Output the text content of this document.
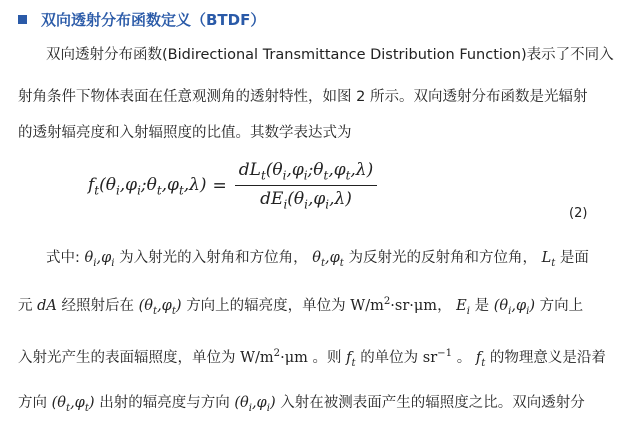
双向透射分布函数定义（BTDF）
双向透射分布函数(Bidirectional Transmittance Distribution Function)表示了不同入
射角条件下物体表面在任意观测角的透射特性，如图 2 所示。双向透射分布函数是光辐射
的透射辐亮度和入射辐照度的比值。其数学表达式为
$f_t(\theta_i,\varphi_i;\theta_t,\varphi_t,\lambda) = \frac{dL_t(\theta_i,\varphi_i;\theta_t,\varphi_t,\lambda)}{dE_i(\theta_i,\varphi_i,\lambda)}$
(2)
式中: $\theta_i,\varphi_i$ 为入射光的入射角和方位角， $\theta_t,\varphi_t$ 为反射光的反射角和方位角， $L_t$ 是面
元 dA 经照射后在 $(\theta_t,\varphi_t)$ 方向上的辐亮度，单位为 $W/m^2\cdot sr\cdot\mu m$， $E_i$ 是 $(\theta_i,\varphi_i)$ 方向上
入射光产生的表面辐照度，单位为 $W/m^2\cdot\mu m$ 。则 $f_t$ 的单位为 $sr^{-1}$ 。 $f_t$ 的物理意义是沿着
方向 $(\theta_t,\varphi_t)$ 出射的辐亮度与方向 $(\theta_i,\varphi_i)$ 入射在被测表面产生的辐照度之比。双向透射分
